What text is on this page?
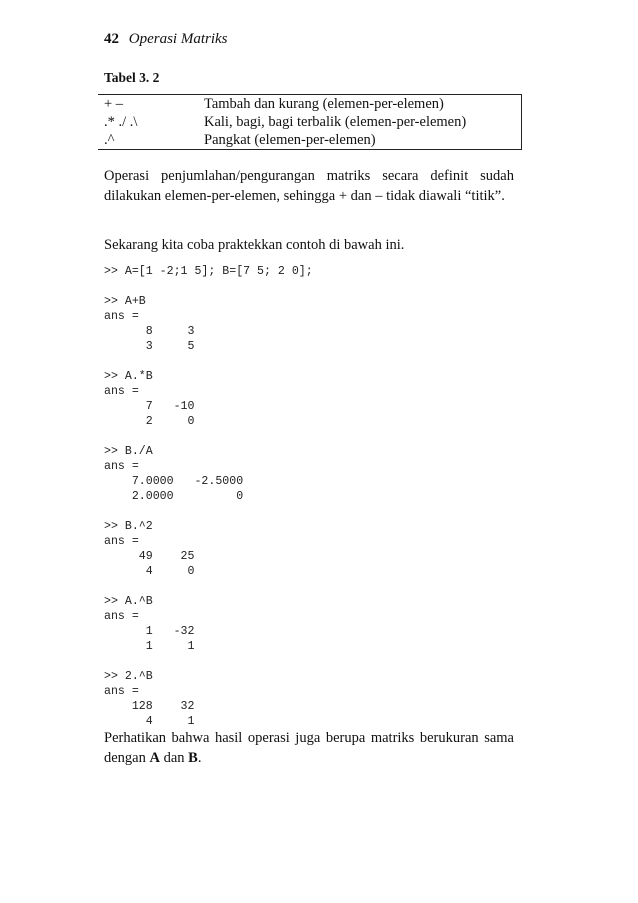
42 Operasi Matriks
Tabel 3. 2
+ –	Tambah dan kurang (elemen-per-elemen)
.* ./ .\	Kali, bagi, bagi terbalik (elemen-per-elemen)
.^	Pangkat (elemen-per-elemen)
Operasi penjumlahan/pengurangan matriks secara definit sudah dilakukan elemen-per-elemen, sehingga + dan – tidak diawali “titik”.
Sekarang kita coba praktekkan contoh di bawah ini.
>> A=[1 -2;1 5]; B=[7 5; 2 0];
>> A+B
ans =
8     3
3     5
>> A.*B
ans =
7   -10
2     0
>> B./A
ans =
7.0000   -2.5000
2.0000         0
>> B.^2
ans =
49    25
4     0
>> A.^B
ans =
1   -32
1     1
>> 2.^B
ans =
128    32
4     1
Perhatikan bahwa hasil operasi juga berupa matriks berukuran sama dengan A dan B.
